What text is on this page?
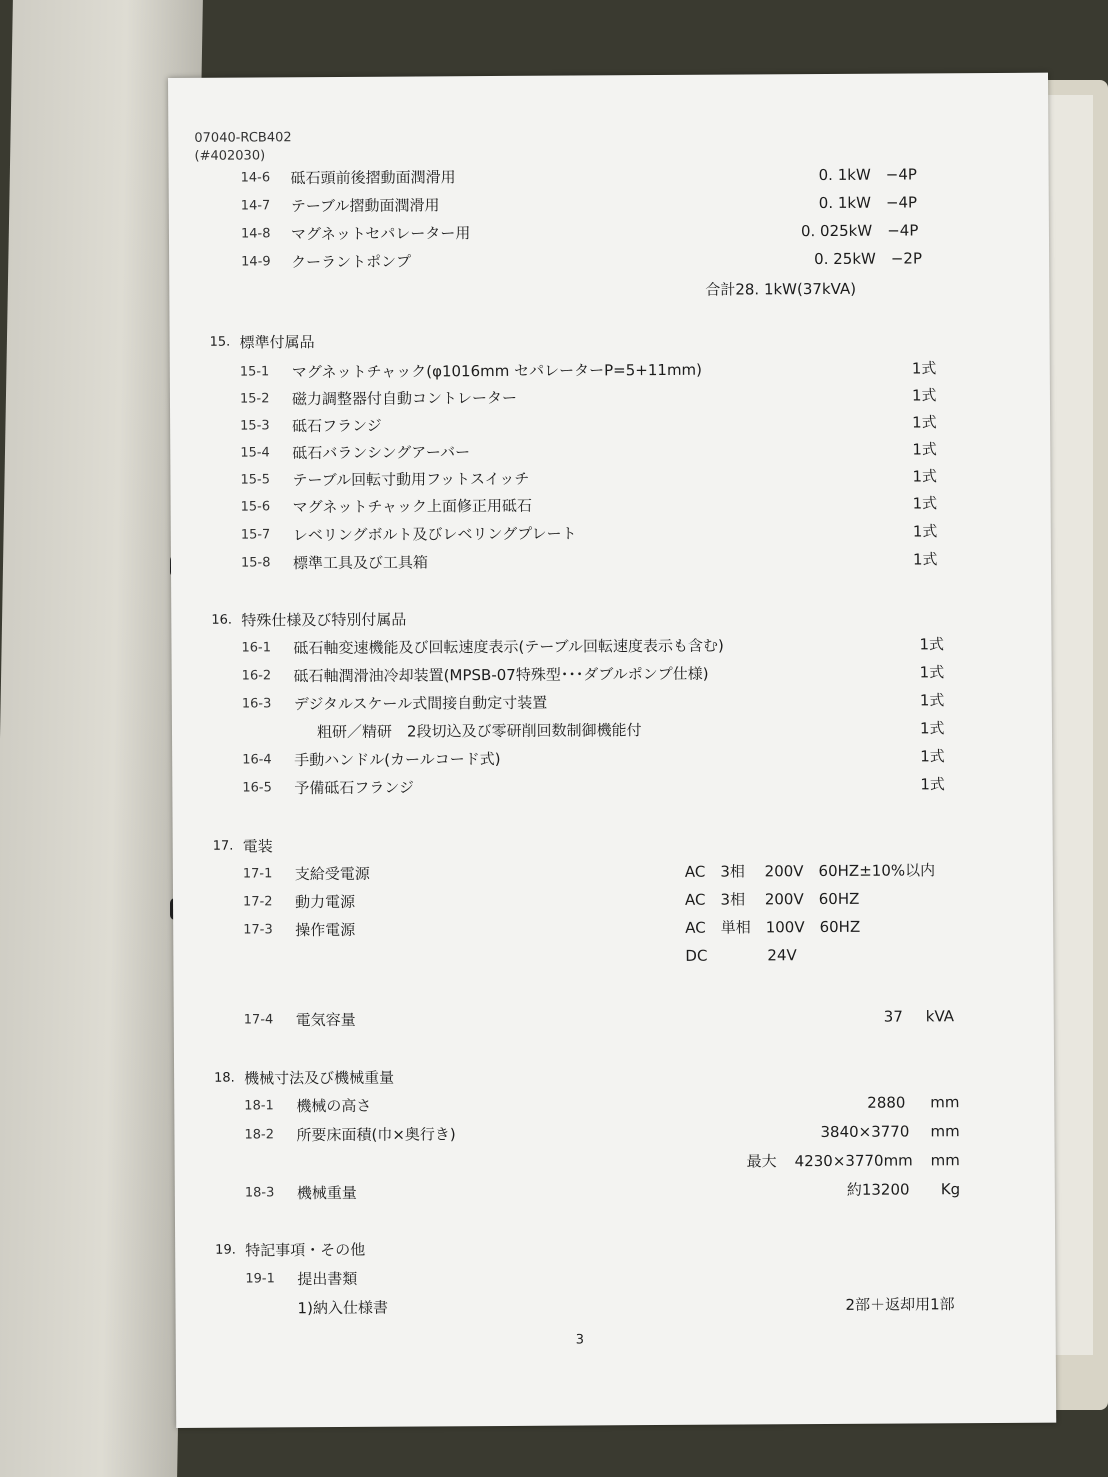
07040-RCB402
(#402030)
14-6 砥石頭前後摺動面潤滑用	0. 1kW　−4P
14-7 テーブル摺動面潤滑用	0. 1kW　−4P
14-8 マグネットセパレーター用	0. 025kW　−4P
14-9 クーラントポンプ	0. 25kW　−2P
合計28. 1kW(37kVA)
15. 標準付属品
15-1 マグネットチャック(φ1016mm セパレーターP=5+11mm)	1式
15-2 磁力調整器付自動コントレーター	1式
15-3 砥石フランジ	1式
15-4 砥石バランシングアーバー	1式
15-5 テーブル回転寸動用フットスイッチ	1式
15-6 マグネットチャック上面修正用砥石	1式
15-7 レベリングボルト及びレベリングプレート	1式
15-8 標準工具及び工具箱	1式
16. 特殊仕様及び特別付属品
16-1 砥石軸変速機能及び回転速度表示(テーブル回転速度表示も含む)	1式
16-2 砥石軸潤滑油冷却装置(MPSB-07特殊型･･･ダブルポンプ仕様)	1式
16-3 デジタルスケール式間接自動定寸装置	1式
粗研／精研　2段切込及び零研削回数制御機能付	1式
16-4 手動ハンドル(カールコード式)	1式
16-5 予備砥石フランジ	1式
17. 電装
17-1 支給受電源	AC　3相　 200V　60HZ±10%以内
17-2 動力電源	AC　3相　 200V　60HZ
17-3 操作電源	AC　単相　100V　60HZ
DC　　　　24V
17-4 電気容量	37 kVA
18. 機械寸法及び機械重量
18-1 機械の高さ	2880 mm
18-2 所要床面積(巾×奥行き)	3840×3770 mm
最大 4230×3770mm mm
18-3 機械重量	約13200 Kg
19. 特記事項・その他
19-1 提出書類
1)納入仕様書	2部＋返却用1部
3
